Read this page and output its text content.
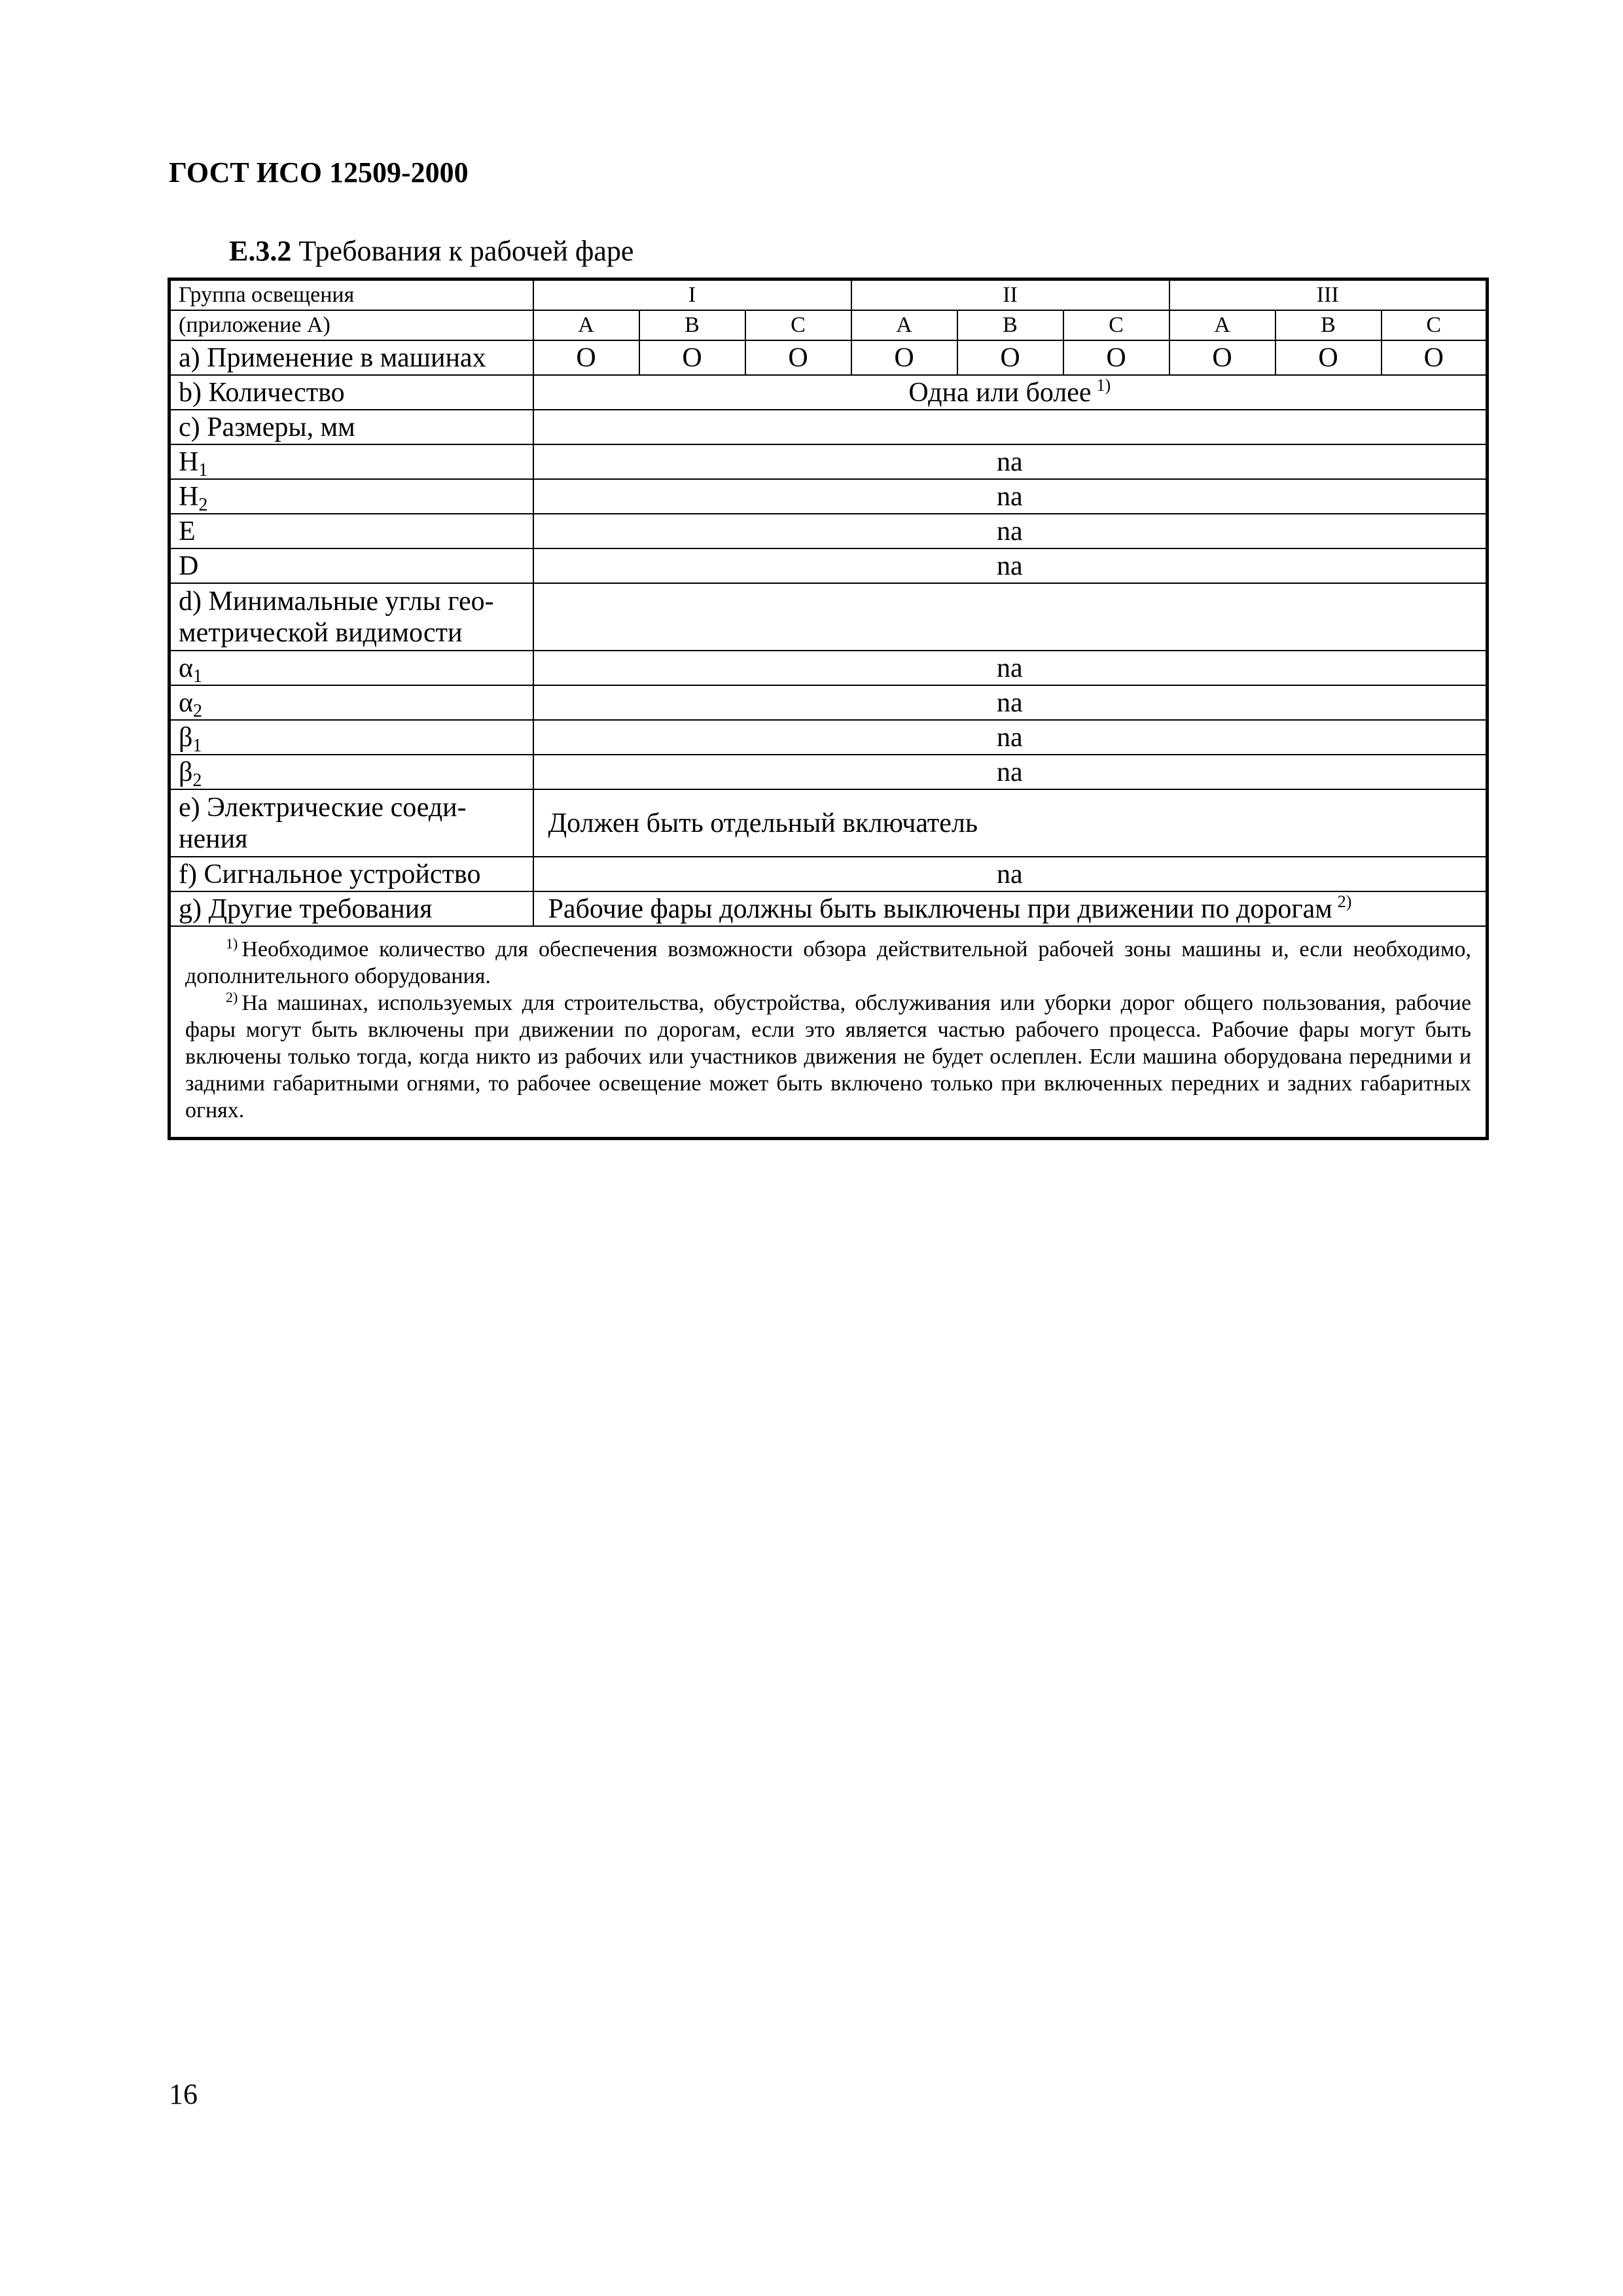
ГОСТ ИСО 12509-2000
E.3.2 Требования к рабочей фаре
Группа освещения	I			II			III		
(приложение А)	A	B	C	A	B	C	A	B	C
а) Применение в машинах	O	O	O	O	O	O	O	O	O
b) Количество	Одна или более $^{1)}$
с) Размеры, мм									
$H_1$	na								
$H_2$	na								
E	na								
D	na								
d) Минимальные углы гео-
метрической видимости									
$\alpha_1$	na								
$\alpha_2$	na								
$\beta_1$	na								
$\beta_2$	na								
е) Электрические соеди-
нения	Должен быть отдельный включатель								
f) Сигнальное устройство	na								
g) Другие требования	Рабочие фары должны быть выключены при движении по дорогам $^{2)}$

$^{1)}$ Необходимое количество для обеспечения возможности обзора действительной рабочей зоны машины и, если необходимо, дополнительного оборудования.

$^{2)}$ На машинах, используемых для строительства, обустройства, обслуживания или уборки дорог общего пользования, рабочие фары могут быть включены при движении по дорогам, если это является частью рабочего процесса. Рабочие фары могут быть включены только тогда, когда никто из рабочих или участников движения не будет ослеплен. Если машина оборудована передними и задними габаритными огнями, то рабочее освещение может быть включено только при включенных передних и задних габаритных огнях.									

16
